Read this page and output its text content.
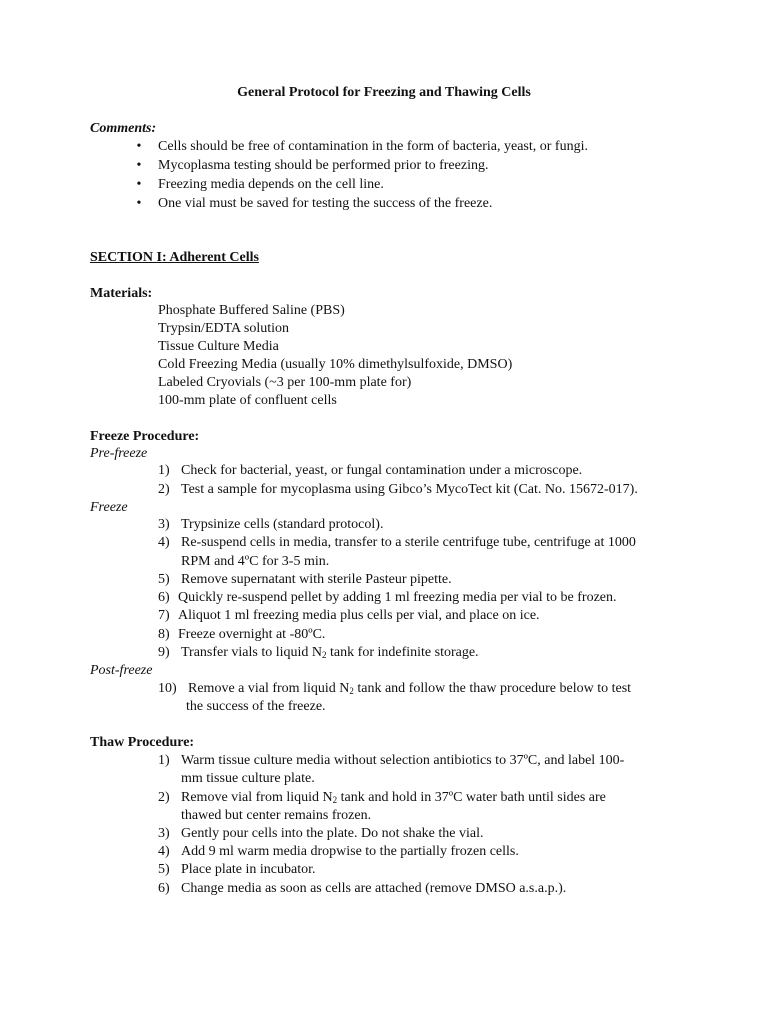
General Protocol for Freezing and Thawing Cells
Comments:
• Cells should be free of contamination in the form of bacteria, yeast, or fungi.
• Mycoplasma testing should be performed prior to freezing.
• Freezing media depends on the cell line.
• One vial must be saved for testing the success of the freeze.
SECTION I: Adherent Cells
Materials:
Phosphate Buffered Saline (PBS)
Trypsin/EDTA solution
Tissue Culture Media
Cold Freezing Media (usually 10% dimethylsulfoxide, DMSO)
Labeled Cryovials (~3 per 100-mm plate for)
100-mm plate of confluent cells
Freeze Procedure:
Pre-freeze
1) Check for bacterial, yeast, or fungal contamination under a microscope.
2) Test a sample for mycoplasma using Gibco’s MycoTect kit (Cat. No. 15672-017).
Freeze
3) Trypsinize cells (standard protocol).
4) Re-suspend cells in media, transfer to a sterile centrifuge tube, centrifuge at 1000
RPM and 4ºC for 3-5 min.
5) Remove supernatant with sterile Pasteur pipette.
6) Quickly re-suspend pellet by adding 1 ml freezing media per vial to be frozen.
7) Aliquot 1 ml freezing media plus cells per vial, and place on ice.
8) Freeze overnight at -80ºC.
9) Transfer vials to liquid $N_2$ tank for indefinite storage.
Post-freeze
10) Remove a vial from liquid $N_2$ tank and follow the thaw procedure below to test
the success of the freeze.
Thaw Procedure:
1) Warm tissue culture media without selection antibiotics to 37ºC, and label 100-
mm tissue culture plate.
2) Remove vial from liquid $N_2$ tank and hold in 37ºC water bath until sides are
thawed but center remains frozen.
3) Gently pour cells into the plate. Do not shake the vial.
4) Add 9 ml warm media dropwise to the partially frozen cells.
5) Place plate in incubator.
6) Change media as soon as cells are attached (remove DMSO a.s.a.p.).
